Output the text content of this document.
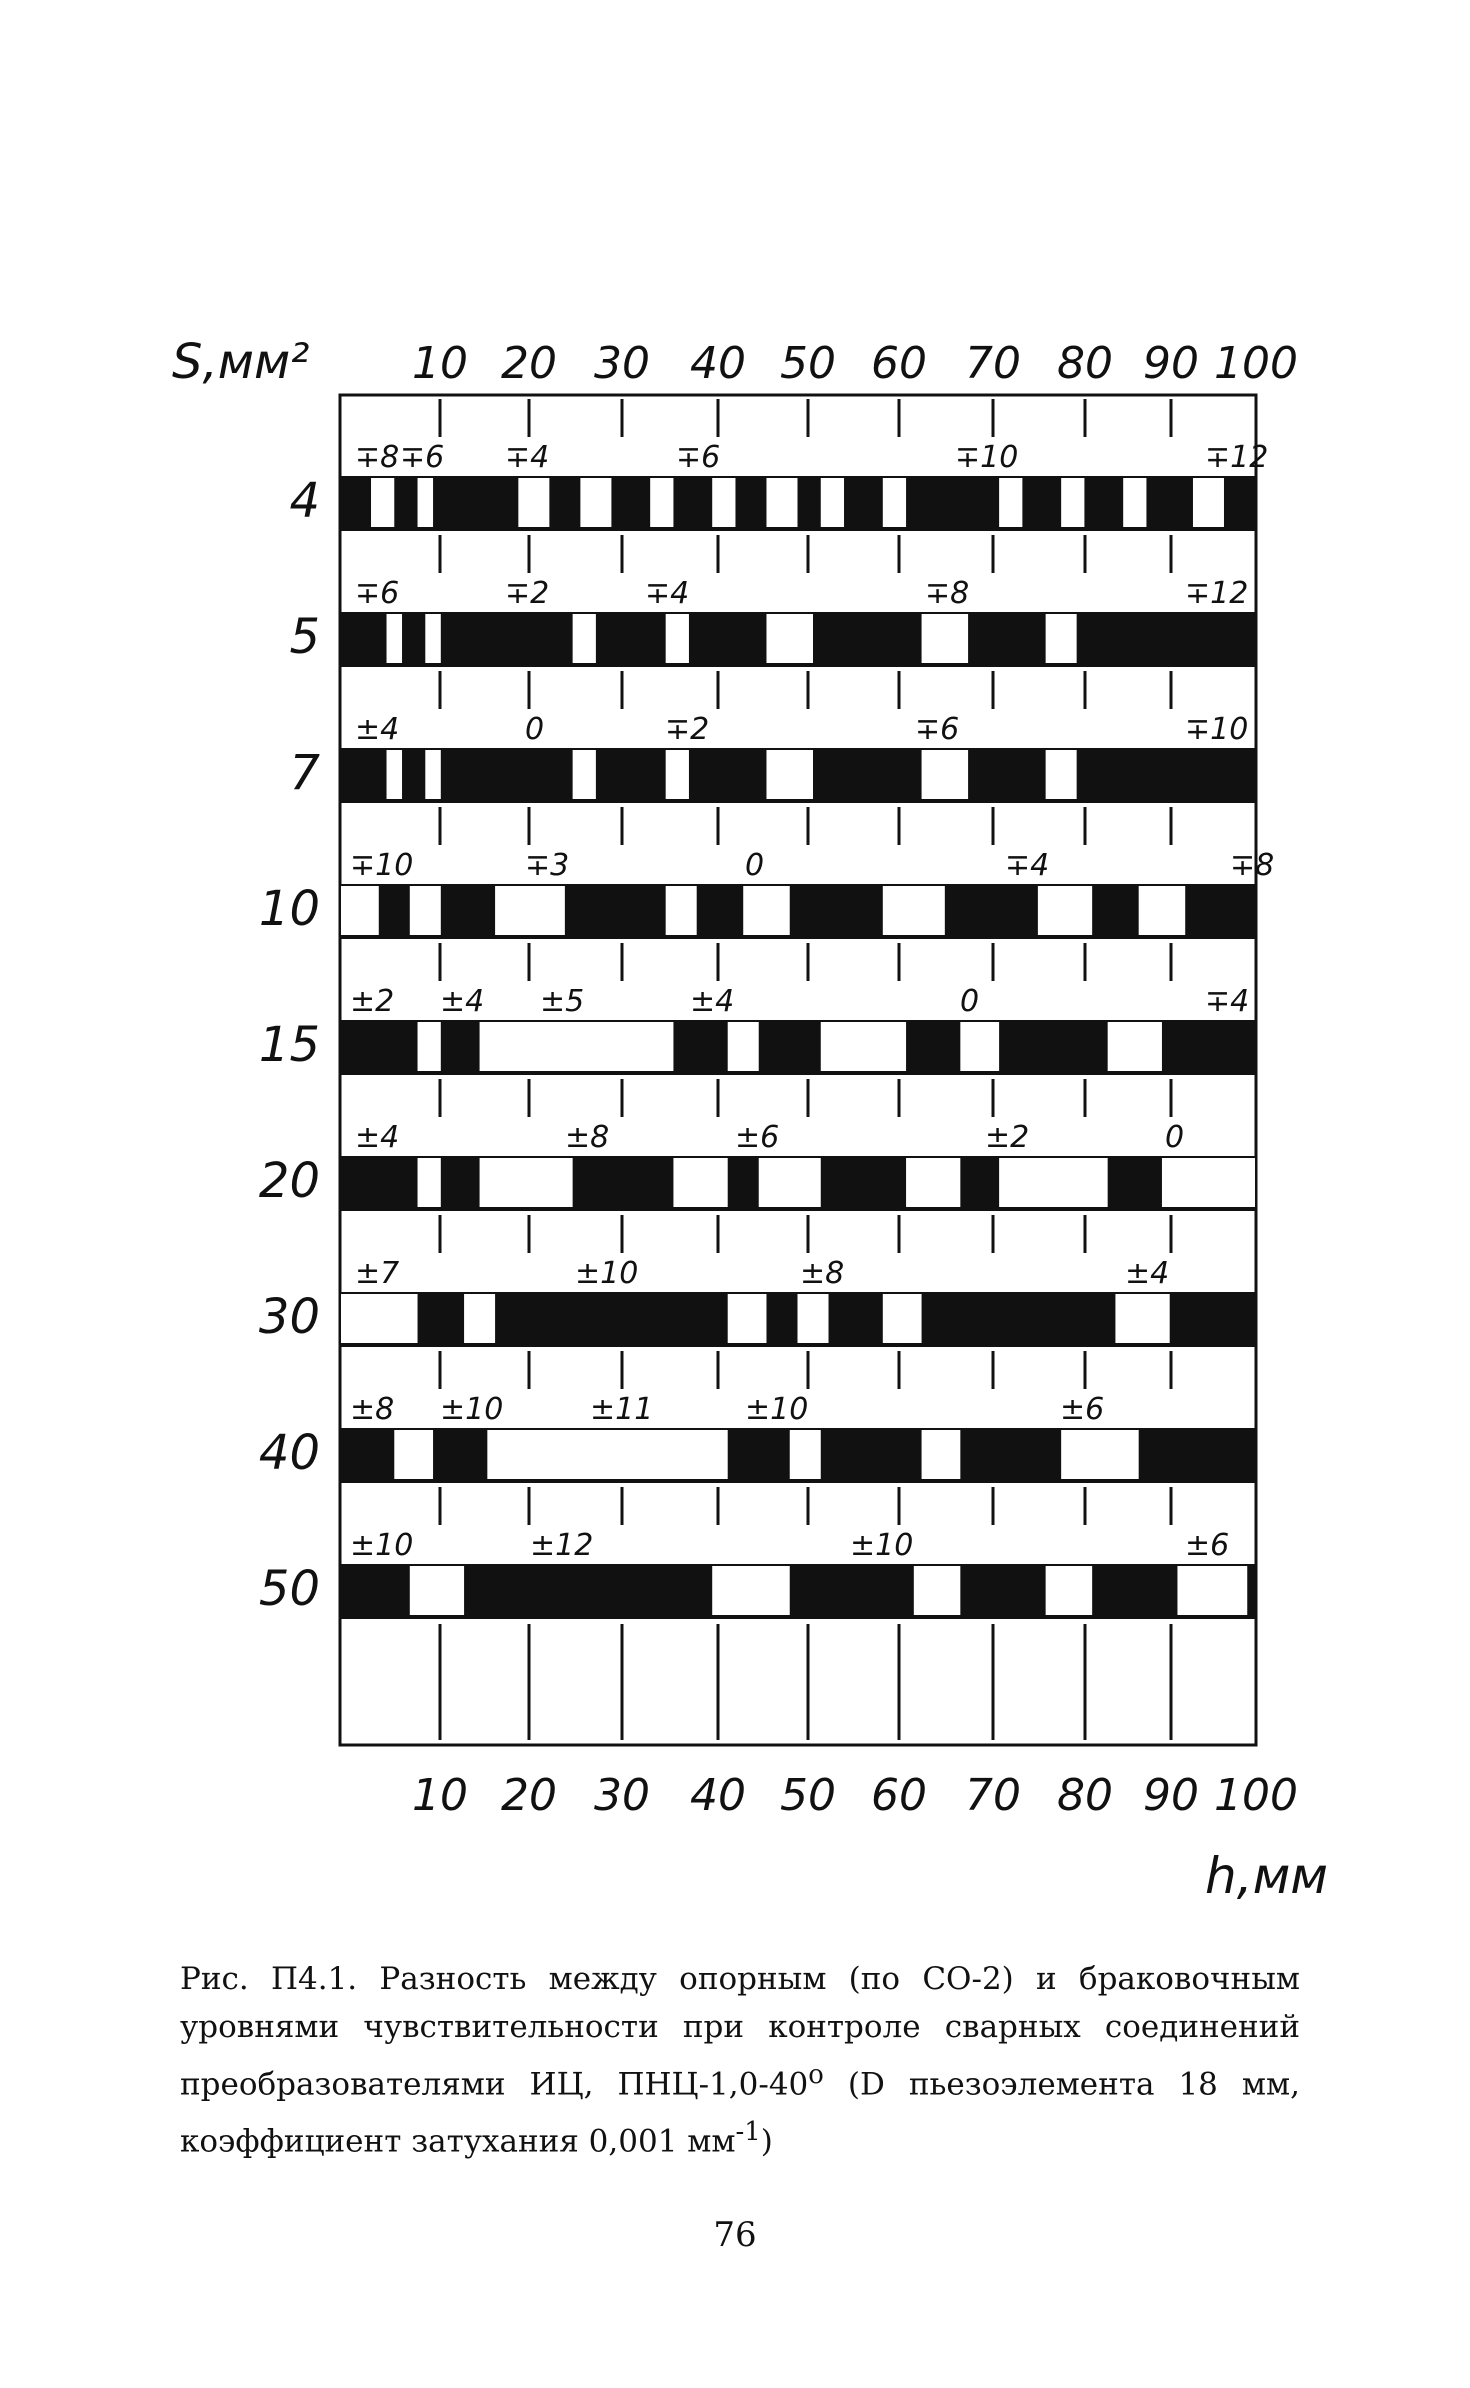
S,мм²
h,мм
10 20 30 40 50 60 70 80 90 100
10 20 30 40 50 60 70 80 90 100
∓8 ∓6 ∓4	∓6	∓10	∓12
4
∓6	∓2	∓4	∓8	∓12
5
±4	0	∓2	∓6	∓10
7
∓10	∓3	0	∓4	∓8
10
±2 ±4 ±5	±4	0	∓4
15
±4	±8	±6	±2	0
20
±7	±10	±8	±4
30
±8 ±10	±11	±10	±6
40
±10	±12	±10	±6
50

Рис. П4.1. Разность между опорным (по СО-2) и браковочным уровнями чувствительности при контроле сварных соединений преобразователями ИЦ, ПНЦ-$1,0-40^о$ (D пьезоэлемента 18 мм, коэффициент затухания 0,001 $мм^{-1}$)

76
